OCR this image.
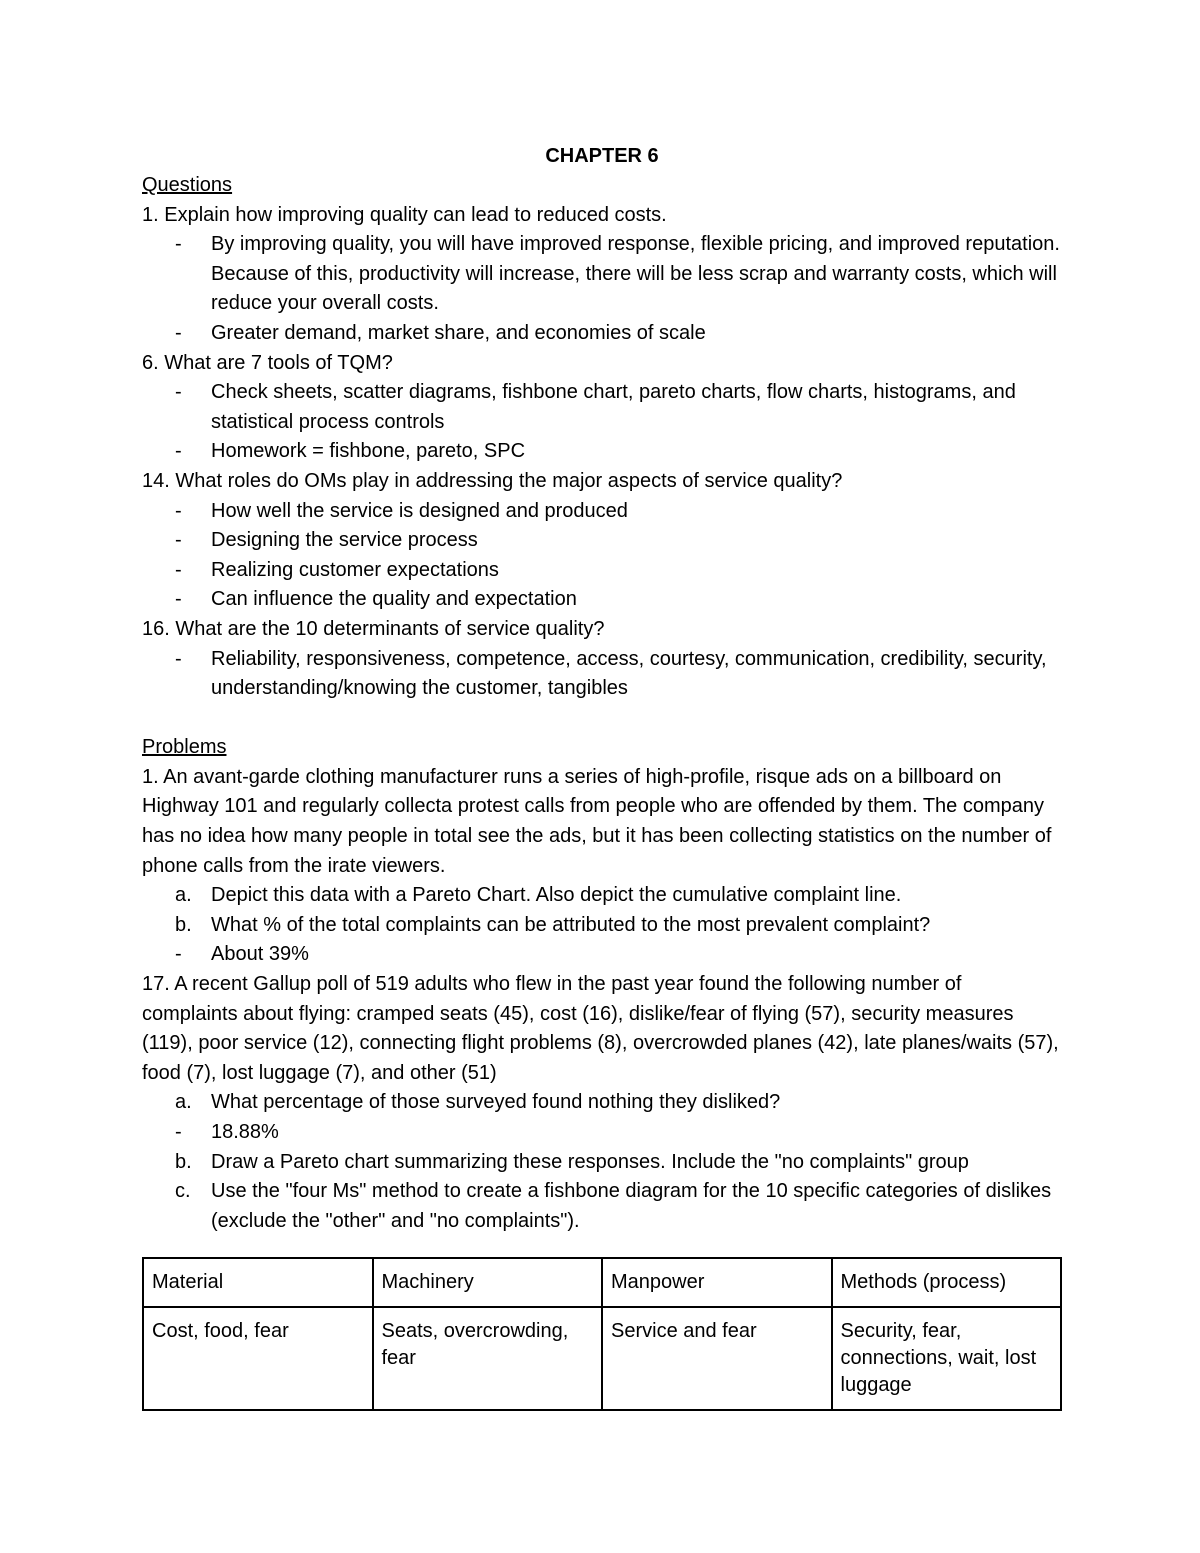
CHAPTER 6

Questions

1. Explain how improving quality can lead to reduced costs.

-	By improving quality, you will have improved response, flexible pricing, and improved reputation. Because of this, productivity will increase, there will be less scrap and warranty costs, which will reduce your overall costs.
-	Greater demand, market share, and economies of scale

6. What are 7 tools of TQM?

-	Check sheets, scatter diagrams, fishbone chart, pareto charts, flow charts, histograms, and statistical process controls
-	Homework = fishbone, pareto, SPC

14. What roles do OMs play in addressing the major aspects of service quality?

-	How well the service is designed and produced
-	Designing the service process
-	Realizing customer expectations
-	Can influence the quality and expectation

16. What are the 10 determinants of service quality?

-	Reliability, responsiveness, competence, access, courtesy, communication, credibility, security, understanding/knowing the customer, tangibles

Problems

1. An avant-garde clothing manufacturer runs a series of high-profile, risque ads on a billboard on Highway 101 and regularly collecta protest calls from people who are offended by them. The company has no idea how many people in total see the ads, but it has been collecting statistics on the number of phone calls from the irate viewers.

a. Depict this data with a Pareto Chart. Also depict the cumulative complaint line.
b. What % of the total complaints can be attributed to the most prevalent complaint?
-	About 39%

17. A recent Gallup poll of 519 adults who flew in the past year found the following number of complaints about flying: cramped seats (45), cost (16), dislike/fear of flying (57), security measures (119), poor service (12), connecting flight problems (8), overcrowded planes (42), late planes/waits (57), food (7), lost luggage (7), and other (51)

a. What percentage of those surveyed found nothing they disliked?
-	18.88%
b. Draw a Pareto chart summarizing these responses. Include the "no complaints" group
c.	Use the "four Ms" method to create a fishbone diagram for the 10 specific categories of dislikes (exclude the "other" and "no complaints").
Material	Machinery	Manpower	Methods (process)
Cost, food, fear	Seats, overcrowding, fear	Service and fear	Security, fear, connections, wait, lost luggage
